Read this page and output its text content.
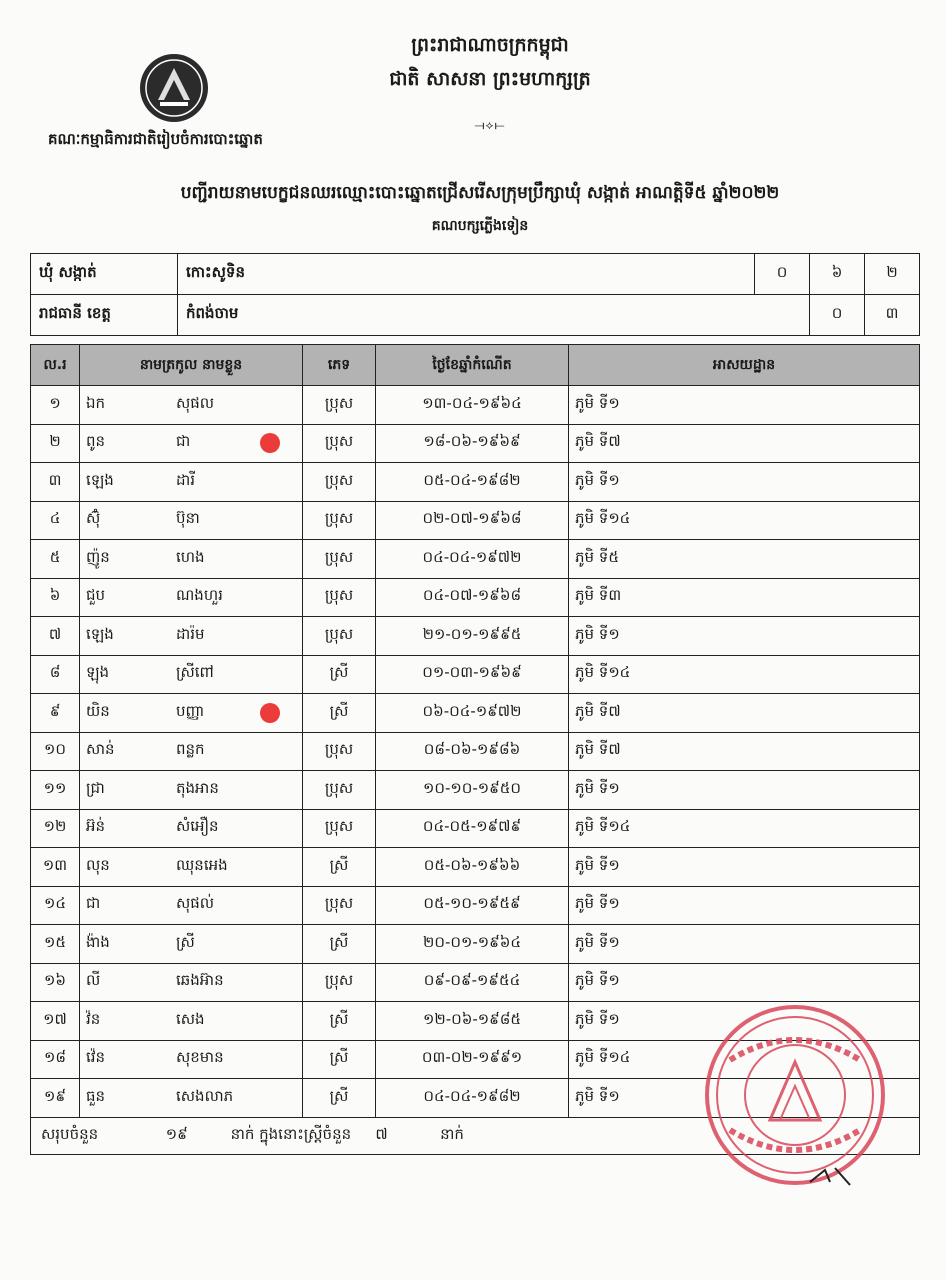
ព្រះរាជាណាចក្រកម្ពុជា
ជាតិ សាសនា ព្រះមហាក្សត្រ
⟞⟡⟝
គណៈកម្មាធិការជាតិរៀបចំការបោះឆ្នោត
បញ្ជីរាយនាមបេក្ខជនឈរឈ្មោះបោះឆ្នោតជ្រើសរើសក្រុមប្រឹក្សាឃុំ សង្កាត់ អាណត្តិទី៥ ឆ្នាំ២០២២
គណបក្សភ្លើងទៀន
ឃុំ សង្កាត់	កោះសូទិន	០	៦	២
រាជធានី ខេត្ត	កំពង់ចាម		០	៣
ល.រ	នាមត្រកូល នាមខ្លួន		ភេទ	ថ្ងៃខែឆ្នាំកំណើត	អាសយដ្ឋាន
១	ឯក	សុផល	ប្រុស	១៣-០៤-១៩៦៤	ភូមិ ទី១
២	ពូន	ជា	ប្រុស	១៨-០៦-១៩៦៩	ភូមិ ទី៧
៣	ឡេង	ដារី	ប្រុស	០៥-០៤-១៩៨២	ភូមិ ទី១
៤	ស៊ុំ	ប៊ុនា	ប្រុស	០២-០៧-១៩៦៨	ភូមិ ទី១៤
៥	ញ៉ូន	ហេង	ប្រុស	០៤-០៤-១៩៧២	ភូមិ ទី៥
៦	ជួប	ណងហួរ	ប្រុស	០៤-០៧-១៩៦៨	ភូមិ ទី៣
៧	ឡេង	ដារ៉ម	ប្រុស	២១-០១-១៩៩៥	ភូមិ ទី១
៨	ឡុង	ស្រីពៅ	ស្រី	០១-០៣-១៩៦៩	ភូមិ ទី១៤
៩	យិន	បញ្ញា	ស្រី	០៦-០៤-១៩៧២	ភូមិ ទី៧
១០	សាន់	ពន្លក	ប្រុស	០៨-០៦-១៩៨៦	ភូមិ ទី៧
១១	ជ្រា	តុងអាន	ប្រុស	១០-១០-១៩៥០	ភូមិ ទី១
១២	អ៊ន់	សំអឿន	ប្រុស	០៤-០៥-១៩៧៩	ភូមិ ទី១៤
១៣	លុន	ឈុនអេង	ស្រី	០៥-០៦-១៩៦៦	ភូមិ ទី១
១៤	ជា	សុផល់	ប្រុស	០៥-១០-១៩៥៩	ភូមិ ទី១
១៥	ង៉ាង	ស្រី	ស្រី	២០-០១-១៩៦៤	ភូមិ ទី១
១៦	លី	ឆេងអ៊ាន	ប្រុស	០៩-០៩-១៩៥៤	ភូមិ ទី១
១៧	វ៉ន	សេង	ស្រី	១២-០៦-១៩៨៥	ភូមិ ទី១
១៨	វ៉េន	សុខមាន	ស្រី	០៣-០២-១៩៩១	ភូមិ ទី១៤
១៩	ធួន	សេងលាភ	ស្រី	០៤-០៤-១៩៨២	ភូមិ ទី១
សរុបចំនួន ១៩ នាក់ ក្នុងនោះស្ត្រីចំនួន ៧ នាក់					
